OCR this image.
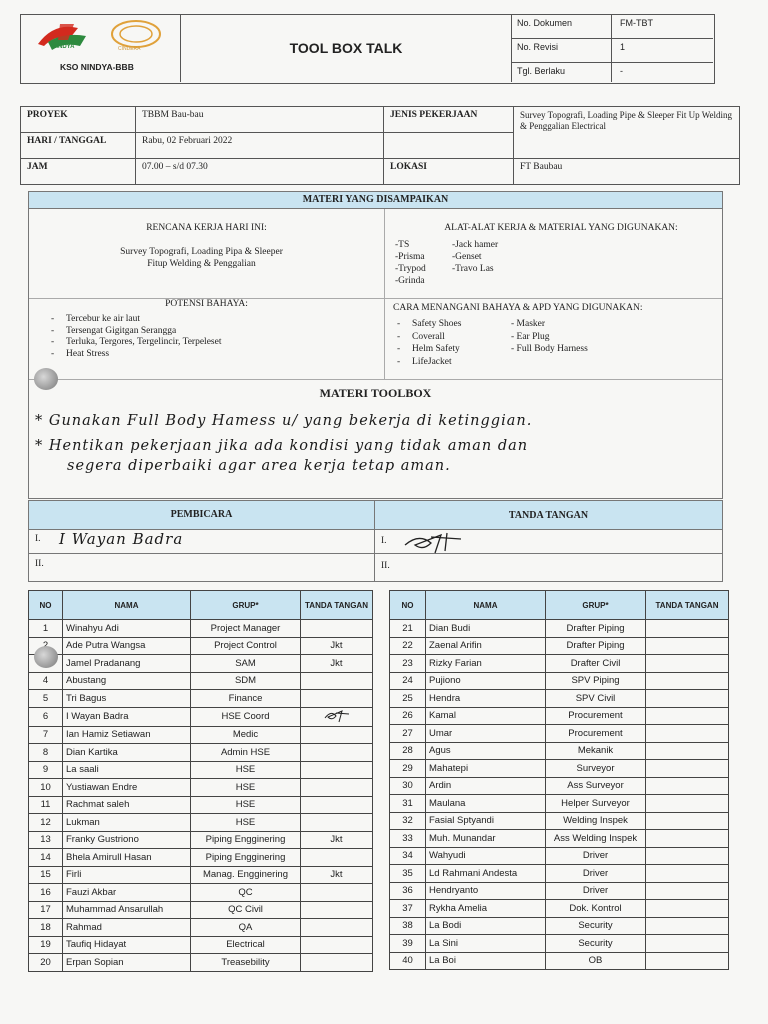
NINDYA	CINDERA
KSO NINDYA-BBB
TOOL BOX TALK
No. Dokumen	FM-TBT
No. Revisi	1
Tgl. Berlaku	-
PROYEK	TBBM Bau-bau	JENIS PEKERJAAN	Survey Topografi, Loading Pipe & Sleeper Fit Up Welding & Penggalian Electrical
HARI / TANGGAL	Rabu, 02 Februari 2022		
JAM	07.00 – s/d 07.30	LOKASI	FT Baubau
MATERI YANG DISAMPAIKAN
RENCANA KERJA HARI INI:
Survey Topografi, Loading Pipa & Sleeper
Fitup Welding & Penggalian
ALAT-ALAT KERJA & MATERIAL YANG DIGUNAKAN:
-TS
-Prisma
-Trypod
-Grinda
-Jack hamer
-Genset
-Travo Las
POTENSI BAHAYA:
-     Tercebur ke air laut
-     Tersengat Gigitgan Serangga
-     Terluka, Tergores, Tergelincir, Terpeleset
-     Heat Stress
CARA MENANGANI BAHAYA & APD YANG DIGUNAKAN:
-     Safety Shoes
-     Coverall
-     Helm Safety
-     LifeJacket
- Masker
- Ear Plug
- Full Body Harness
MATERI TOOLBOX
* Gunakan Full Body Hamess u/ yang bekerja di ketinggian.
* Hentikan pekerjaan jika ada kondisi yang tidak aman dan
segera diperbaiki agar area kerja tetap aman.
PEMBICARA	TANDA TANGAN
I. I Wayan Badra
II.
I.
II.
NO	NAMA	GRUP*	TANDA TANGAN
1	Winahyu Adi	Project Manager	
	Ade Putra Wangsa	Project Control	Jkt
	Jamel Pradanang	SAM	Jkt
4	Abustang	SDM	
5	Tri Bagus	Finance	
6	I Wayan Badra	HSE Coord	
7	Ian Hamiz Setiawan	Medic	
8	Dian Kartika	Admin HSE	
9	La saali	HSE	
10	Yustiawan Endre	HSE	
11	Rachmat saleh	HSE	
12	Lukman	HSE	
13	Franky Gustriono	Piping Engginering	Jkt
14	Bhela Amirull Hasan	Piping Engginering	
15	Firli	Manag. Engginering	Jkt
16	Fauzi Akbar	QC	
17	Muhammad Ansarullah	QC Civil	
18	Rahmad	QA	
19	Taufiq Hidayat	Electrical	
20	Erpan Sopian	Treasebility	
NO	NAMA	GRUP*	TANDA TANGAN
21	Dian Budi	Drafter Piping	
22	Zaenal Arifin	Drafter Piping	
23	Rizky Farian	Drafter Civil	
24	Pujiono	SPV Piping	
25	Hendra	SPV Civil	
26	Kamal	Procurement	
27	Umar	Procurement	
28	Agus	Mekanik	
29	Mahatepi	Surveyor	
30	Ardin	Ass Surveyor	
31	Maulana	Helper Surveyor	
32	Fasial Sptyandi	Welding Inspek	
33	Muh. Munandar	Ass Welding Inspek	
34	Wahyudi	Driver	
35	Ld Rahmani Andesta	Driver	
36	Hendryanto	Driver	
37	Rykha Amelia	Dok. Kontrol	
38	La Bodi	Security	
39	La Sini	Security	
40	La Boi	OB	
